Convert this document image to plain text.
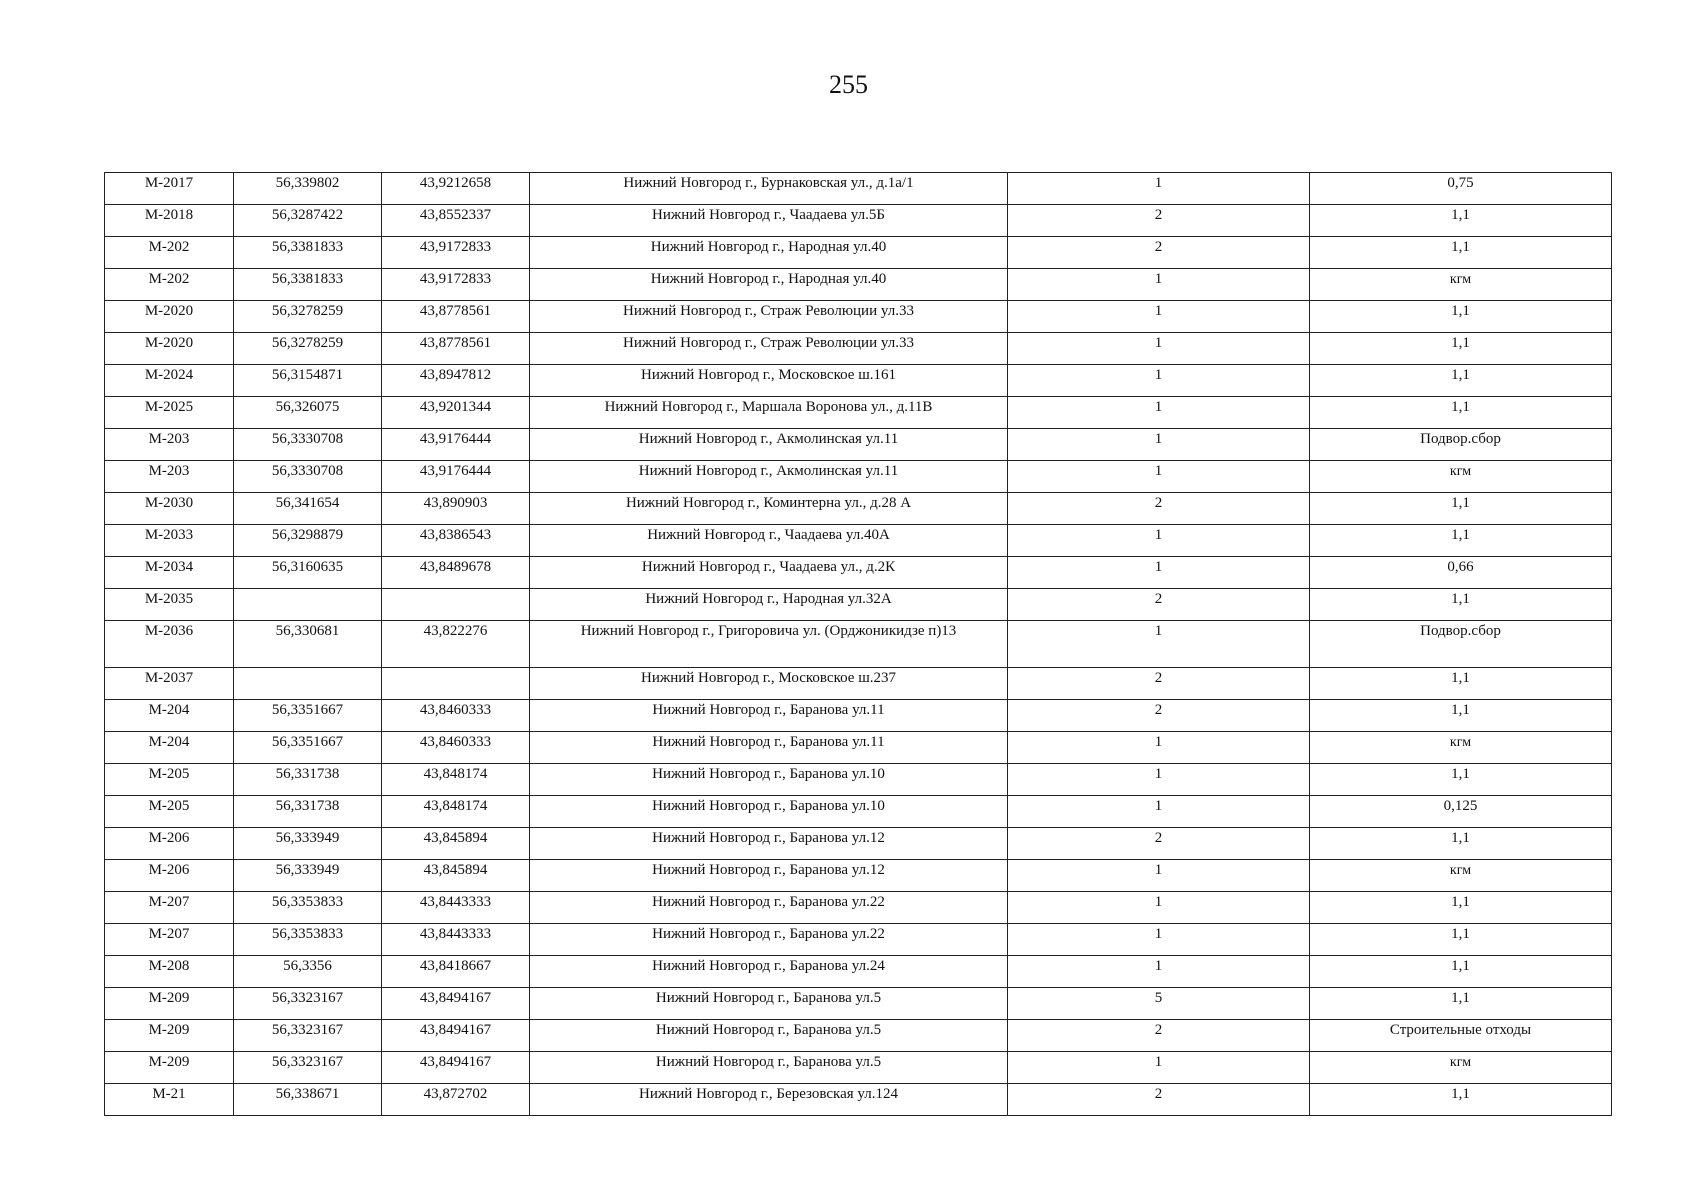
255
М-2017	56,339802	43,9212658	Нижний Новгород г., Бурнаковская ул., д.1а/1	1	0,75
М-2018	56,3287422	43,8552337	Нижний Новгород г., Чаадаева ул.5Б	2	1,1
М-202	56,3381833	43,9172833	Нижний Новгород г., Народная ул.40	2	1,1
М-202	56,3381833	43,9172833	Нижний Новгород г., Народная ул.40	1	кгм
М-2020	56,3278259	43,8778561	Нижний Новгород г., Страж Революции ул.33	1	1,1
М-2020	56,3278259	43,8778561	Нижний Новгород г., Страж Революции ул.33	1	1,1
М-2024	56,3154871	43,8947812	Нижний Новгород г., Московское ш.161	1	1,1
М-2025	56,326075	43,9201344	Нижний Новгород г., Маршала Воронова ул., д.11В	1	1,1
М-203	56,3330708	43,9176444	Нижний Новгород г., Акмолинская ул.11	1	Подвор.сбор
М-203	56,3330708	43,9176444	Нижний Новгород г., Акмолинская ул.11	1	кгм
М-2030	56,341654	43,890903	Нижний Новгород г., Коминтерна ул., д.28 А	2	1,1
М-2033	56,3298879	43,8386543	Нижний Новгород г., Чаадаева ул.40А	1	1,1
М-2034	56,3160635	43,8489678	Нижний Новгород г., Чаадаева ул., д.2К	1	0,66
М-2035			Нижний Новгород г., Народная ул.32А	2	1,1
М-2036	56,330681	43,822276	Нижний Новгород г., Григоровича ул. (Орджоникидзе п)13	1	Подвор.сбор
М-2037			Нижний Новгород г., Московское ш.237	2	1,1
М-204	56,3351667	43,8460333	Нижний Новгород г., Баранова ул.11	2	1,1
М-204	56,3351667	43,8460333	Нижний Новгород г., Баранова ул.11	1	кгм
М-205	56,331738	43,848174	Нижний Новгород г., Баранова ул.10	1	1,1
М-205	56,331738	43,848174	Нижний Новгород г., Баранова ул.10	1	0,125
М-206	56,333949	43,845894	Нижний Новгород г., Баранова ул.12	2	1,1
М-206	56,333949	43,845894	Нижний Новгород г., Баранова ул.12	1	кгм
М-207	56,3353833	43,8443333	Нижний Новгород г., Баранова ул.22	1	1,1
М-207	56,3353833	43,8443333	Нижний Новгород г., Баранова ул.22	1	1,1
М-208	56,3356	43,8418667	Нижний Новгород г., Баранова ул.24	1	1,1
М-209	56,3323167	43,8494167	Нижний Новгород г., Баранова ул.5	5	1,1
М-209	56,3323167	43,8494167	Нижний Новгород г., Баранова ул.5	2	Строительные отходы
М-209	56,3323167	43,8494167	Нижний Новгород г., Баранова ул.5	1	кгм
М-21	56,338671	43,872702	Нижний Новгород г., Березовская ул.124	2	1,1
